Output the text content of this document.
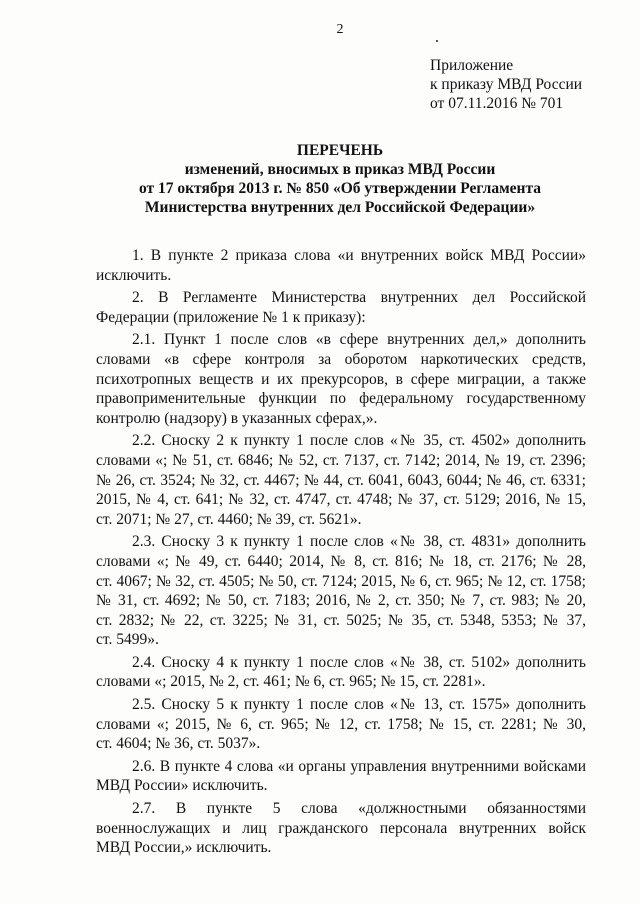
2
Приложение
к приказу МВД России
от 07.11.2016 № 701
ПЕРЕЧЕНЬ
изменений, вносимых в приказ МВД России
от 17 октября 2013 г. № 850 «Об утверждении Регламента
Министерства внутренних дел Российской Федерации»
1. В пункте 2 приказа слова «и внутренних войск МВД России»
исключить.
2. В Регламенте Министерства внутренних дел Российской
Федерации (приложение № 1 к приказу):
2.1. Пункт 1 после слов «в сфере внутренних дел,» дополнить
словами «в сфере контроля за оборотом наркотических средств,
психотропных веществ и их прекурсоров, в сфере миграции, а также
правоприменительные функции по федеральному государственному
контролю (надзору) в указанных сферах,».
2.2. Сноску 2 к пункту 1 после слов «№ 35, ст. 4502» дополнить
словами «; № 51, ст. 6846; № 52, ст. 7137, ст. 7142; 2014, № 19, ст. 2396;
№ 26, ст. 3524; № 32, ст. 4467; № 44, ст. 6041, 6043, 6044; № 46, ст. 6331;
2015, № 4, ст. 641; № 32, ст. 4747, ст. 4748; № 37, ст. 5129; 2016, № 15,
ст. 2071; № 27, ст. 4460; № 39, ст. 5621».
2.3. Сноску 3 к пункту 1 после слов «№ 38, ст. 4831» дополнить
словами «; № 49, ст. 6440; 2014, № 8, ст. 816; № 18, ст. 2176; № 28,
ст. 4067; № 32, ст. 4505; № 50, ст. 7124; 2015, № 6, ст. 965; № 12, ст. 1758;
№ 31, ст. 4692; № 50, ст. 7183; 2016, № 2, ст. 350; № 7, ст. 983; № 20,
ст. 2832; № 22, ст. 3225; № 31, ст. 5025; № 35, ст. 5348, 5353; № 37,
ст. 5499».
2.4. Сноску 4 к пункту 1 после слов «№ 38, ст. 5102» дополнить
словами «; 2015, № 2, ст. 461; № 6, ст. 965; № 15, ст. 2281».
2.5. Сноску 5 к пункту 1 после слов «№ 13, ст. 1575» дополнить
словами «; 2015, № 6, ст. 965; № 12, ст. 1758; № 15, ст. 2281; № 30,
ст. 4604; № 36, ст. 5037».
2.6. В пункте 4 слова «и органы управления внутренними войсками
МВД России» исключить.
2.7. В пункте 5 слова «должностными обязанностями
военнослужащих и лиц гражданского персонала внутренних войск
МВД России,» исключить.
